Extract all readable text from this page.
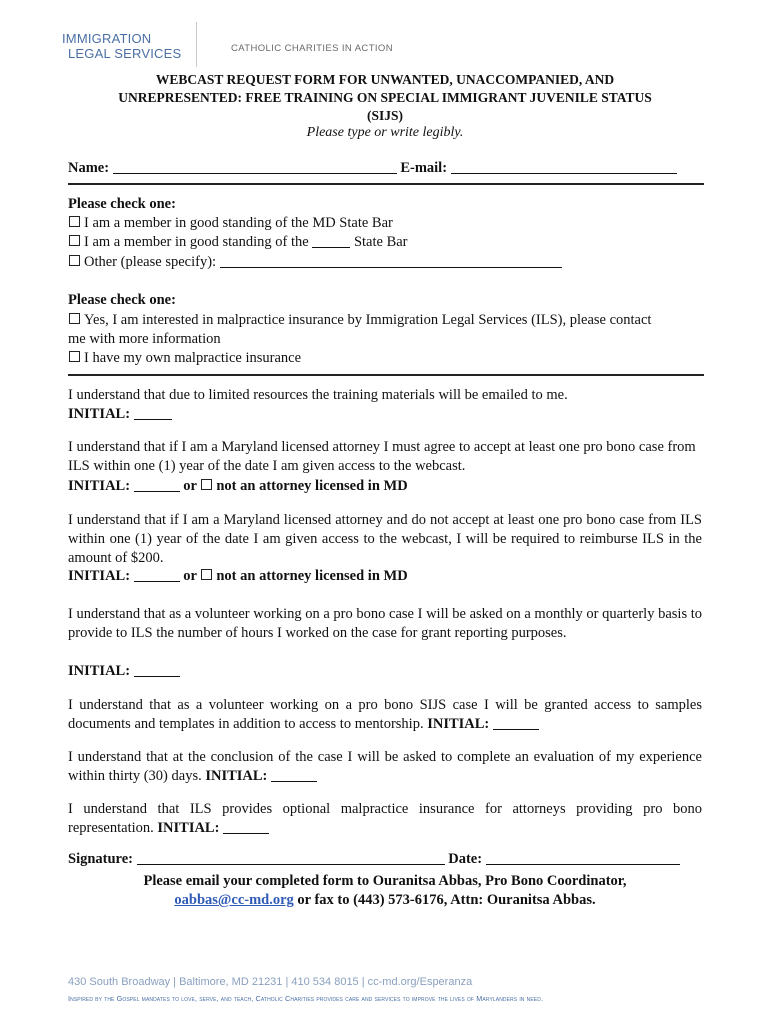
IMMIGRATION
LEGAL SERVICES	CATHOLIC CHARITIES IN ACTION
WEBCAST REQUEST FORM FOR UNWANTED, UNACCOMPANIED, AND
UNREPRESENTED: FREE TRAINING ON SPECIAL IMMIGRANT JUVENILE STATUS
(SIJS)
Please type or write legibly.
Name:	E-mail:
Please check one:
I am a member in good standing of the MD State Bar
I am a member in good standing of the	State Bar
Other (please specify):
Please check one:
Yes, I am interested in malpractice insurance by Immigration Legal Services (ILS), please contact
me with more information
I have my own malpractice insurance
I understand that due to limited resources the training materials will be emailed to me.
INITIAL:
I understand that if I am a Maryland licensed attorney I must agree to accept at least one pro bono case from ILS within one (1) year of the date I am given access to the webcast.
INITIAL:	or not an attorney licensed in MD
I understand that if I am a Maryland licensed attorney and do not accept at least one pro bono case from ILS within one (1) year of the date I am given access to the webcast, I will be required to reimburse ILS in the amount of $200.
INITIAL:	or not an attorney licensed in MD
I understand that as a volunteer working on a pro bono case I will be asked on a monthly or quarterly basis to provide to ILS the number of hours I worked on the case for grant reporting purposes.
INITIAL:
I understand that as a volunteer working on a pro bono SIJS case I will be granted access to samples documents and templates in addition to access to mentorship. INITIAL:
I understand that at the conclusion of the case I will be asked to complete an evaluation of my experience within thirty (30) days. INITIAL:
I understand that ILS provides optional malpractice insurance for attorneys providing pro bono representation. INITIAL:
Signature:	Date:
Please email your completed form to Ouranitsa Abbas, Pro Bono Coordinator,
oabbas@cc-md.org or fax to (443) 573-6176, Attn: Ouranitsa Abbas.
430 South Broadway | Baltimore, MD 21231 | 410 534 8015 | cc-md.org/Esperanza
Inspired by the Gospel mandates to love, serve, and teach, Catholic Charities provides care and services to improve the lives of Marylanders in need.
